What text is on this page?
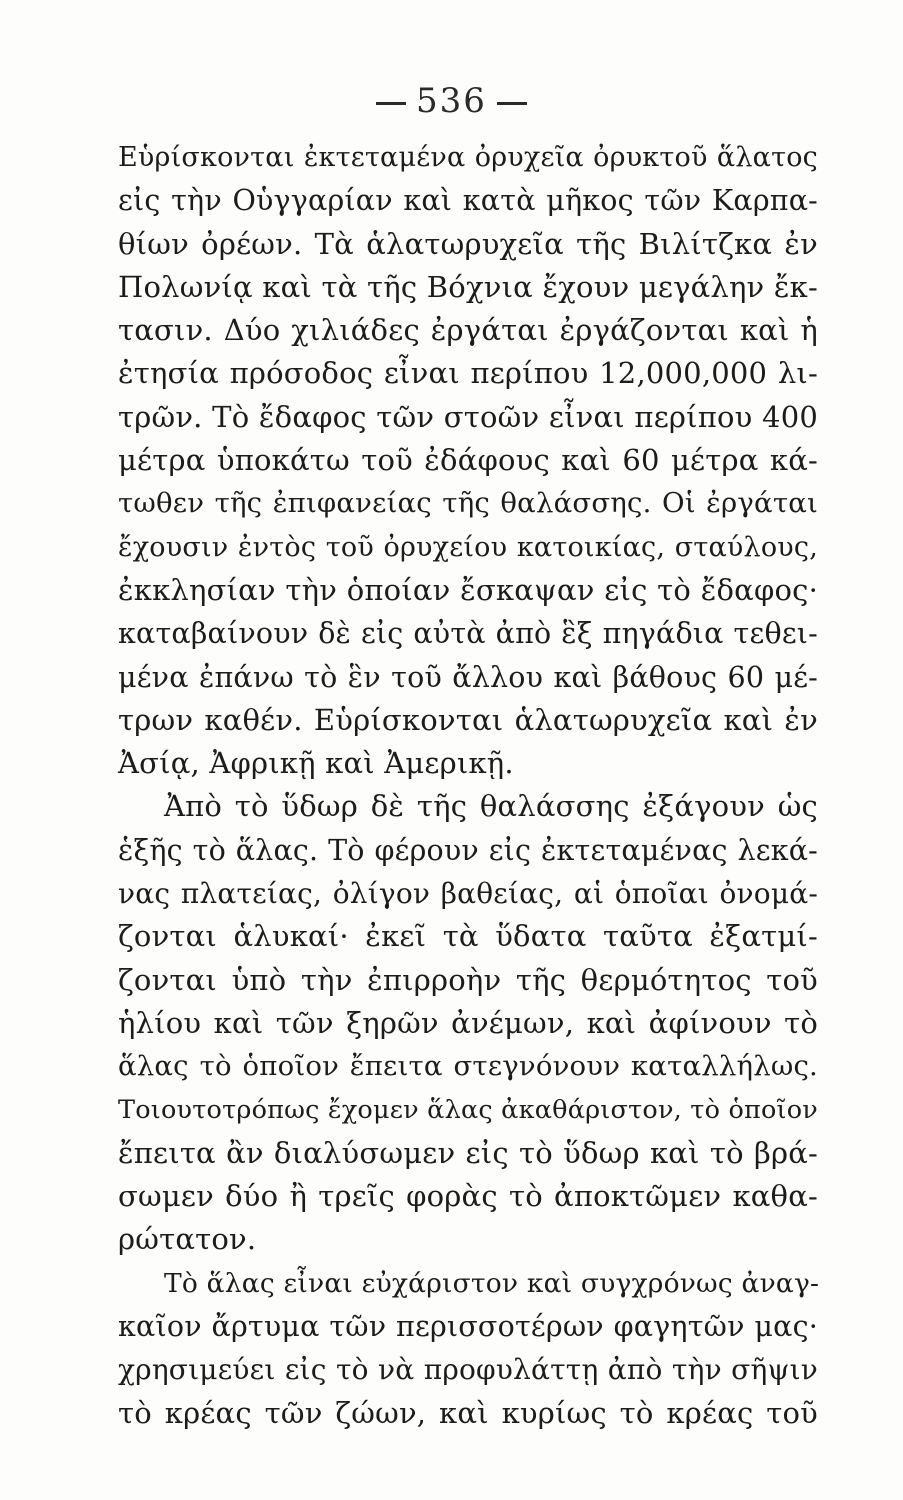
536
Εὑρίσκονται ἐκτεταμένα ὀρυχεῖα ὀρυκτοῦ ἅλατος
εἰς τὴν Οὑγγαρίαν καὶ κατὰ μῆκος τῶν Καρπα-
θίων ὀρέων. Τὰ ἁλατωρυχεῖα τῆς Βιλίτζκα ἐν
Πολωνίᾳ καὶ τὰ τῆς Βόχνια ἔχουν μεγάλην ἔκ-
τασιν. Δύο χιλιάδες ἐργάται ἐργάζονται καὶ ἡ
ἐτησία πρόσοδος εἶναι περίπου 12,000,000 λι-
τρῶν. Τὸ ἔδαφος τῶν στοῶν εἶναι περίπου 400
μέτρα ὑποκάτω τοῦ ἐδάφους καὶ 60 μέτρα κά-
τωθεν τῆς ἐπιφανείας τῆς θαλάσσης. Οἱ ἐργάται
ἔχουσιν ἐντὸς τοῦ ὀρυχείου κατοικίας, σταύλους,
ἐκκλησίαν τὴν ὁποίαν ἔσκαψαν εἰς τὸ ἔδαφος·
καταβαίνουν δὲ εἰς αὐτὰ ἀπὸ ἓξ πηγάδια τεθει-
μένα ἐπάνω τὸ ἓν τοῦ ἄλλου καὶ βάθους 60 μέ-
τρων καθέν. Εὑρίσκονται ἁλατωρυχεῖα καὶ ἐν
Ἀσίᾳ, Ἀφρικῇ καὶ Ἀμερικῇ.
Ἀπὸ τὸ ὕδωρ δὲ τῆς θαλάσσης ἐξάγουν ὡς
ἑξῆς τὸ ἅλας. Τὸ φέρουν εἰς ἐκτεταμένας λεκά-
νας πλατείας, ὀλίγον βαθείας, αἱ ὁποῖαι ὀνομά-
ζονται ἁλυκαί· ἐκεῖ τὰ ὕδατα ταῦτα ἐξατμί-
ζονται ὑπὸ τὴν ἐπιρροὴν τῆς θερμότητος τοῦ
ἡλίου καὶ τῶν ξηρῶν ἀνέμων, καὶ ἀφίνουν τὸ
ἅλας τὸ ὁποῖον ἔπειτα στεγνόνουν καταλλήλως.
Τοιουτοτρόπως ἔχομεν ἅλας ἀκαθάριστον, τὸ ὁποῖον
ἔπειτα ἂν διαλύσωμεν εἰς τὸ ὕδωρ καὶ τὸ βρά-
σωμεν δύο ἢ τρεῖς φορὰς τὸ ἀποκτῶμεν καθα-
ρώτατον.
Τὸ ἅλας εἶναι εὐχάριστον καὶ συγχρόνως ἀναγ-
καῖον ἄρτυμα τῶν περισσοτέρων φαγητῶν μας·
χρησιμεύει εἰς τὸ νὰ προφυλάττῃ ἀπὸ τὴν σῆψιν
τὸ κρέας τῶν ζώων, καὶ κυρίως τὸ κρέας τοῦ
